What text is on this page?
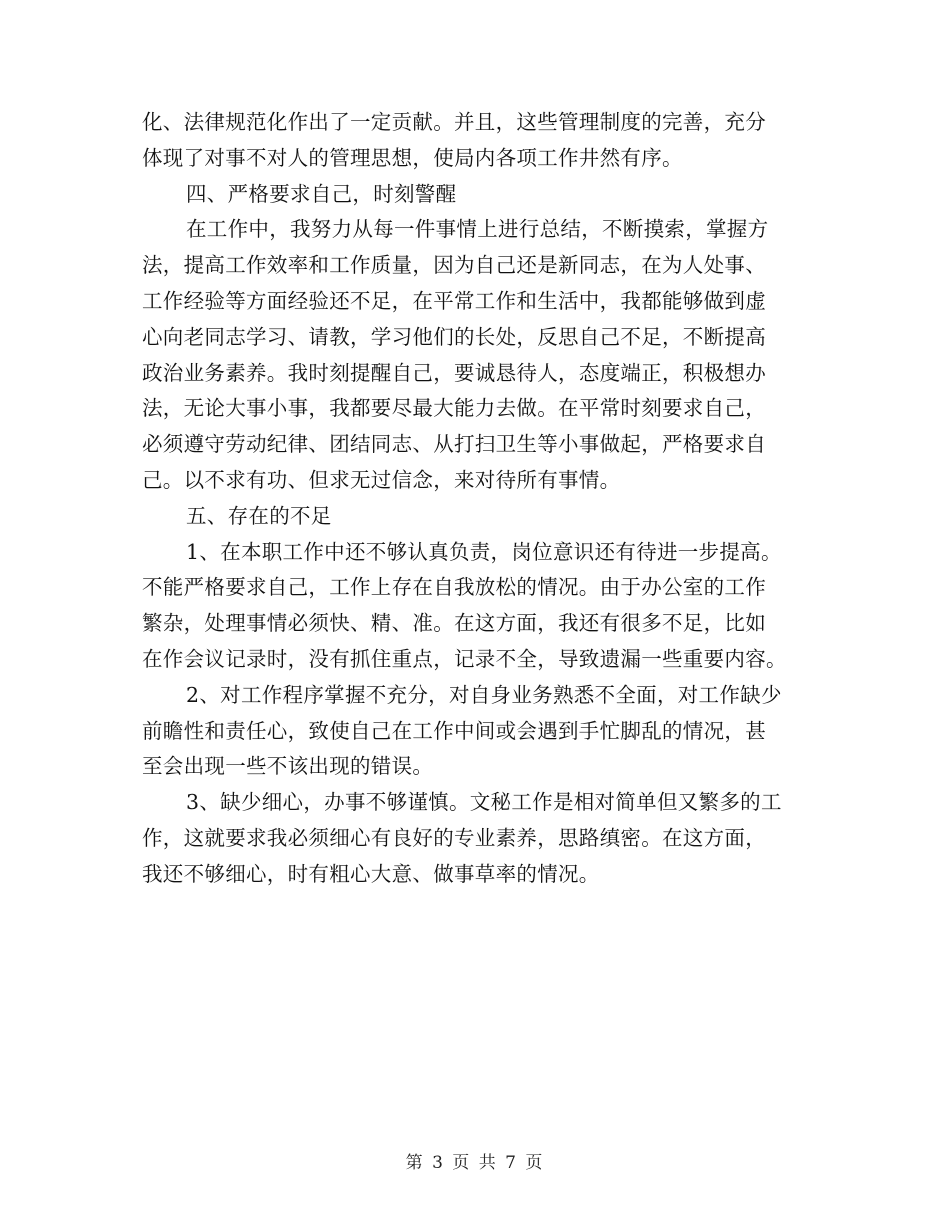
化、法律规范化作出了一定贡献。并且，这些管理制度的完善，充分
体现了对事不对人的管理思想，使局内各项工作井然有序。
四、严格要求自己，时刻警醒
在工作中，我努力从每一件事情上进行总结，不断摸索，掌握方
法，提高工作效率和工作质量，因为自己还是新同志，在为人处事、
工作经验等方面经验还不足，在平常工作和生活中，我都能够做到虚
心向老同志学习、请教，学习他们的长处，反思自己不足，不断提高
政治业务素养。我时刻提醒自己，要诚恳待人，态度端正，积极想办
法，无论大事小事，我都要尽最大能力去做。在平常时刻要求自己，
必须遵守劳动纪律、团结同志、从打扫卫生等小事做起，严格要求自
己。以不求有功、但求无过信念，来对待所有事情。
五、存在的不足
1、在本职工作中还不够认真负责，岗位意识还有待进一步提高。
不能严格要求自己，工作上存在自我放松的情况。由于办公室的工作
繁杂，处理事情必须快、精、准。在这方面，我还有很多不足，比如
在作会议记录时，没有抓住重点，记录不全，导致遗漏一些重要内容。
2、对工作程序掌握不充分，对自身业务熟悉不全面，对工作缺少
前瞻性和责任心，致使自己在工作中间或会遇到手忙脚乱的情况，甚
至会出现一些不该出现的错误。
3、缺少细心，办事不够谨慎。文秘工作是相对简单但又繁多的工
作，这就要求我必须细心有良好的专业素养，思路缜密。在这方面，
我还不够细心，时有粗心大意、做事草率的情况。
第 3 页 共 7 页
